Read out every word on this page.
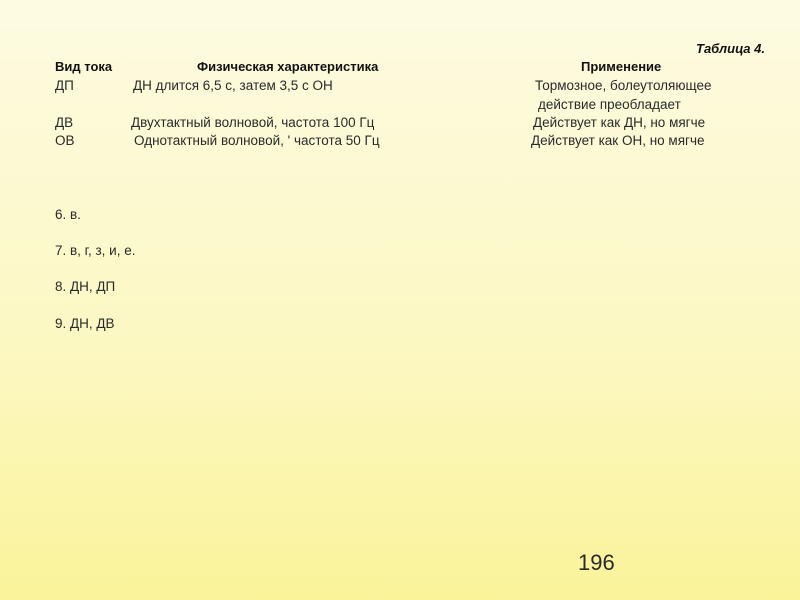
Таблица 4.
Вид тока	Физическая характеристика	Применение
ДП	ДН длится 6,5 с, затем 3,5 с ОН	Тормозное, болеутоляющее
действие преобладает
ДВ	Двухтактный волновой, частота 100 Гц	Действует как ДН, но мягче
ОВ	Однотактный волновой, ' частота 50 Гц	Действует как ОН, но мягче
6. в.
7. в, г, з, и, е.
8. ДН, ДП
9. ДН, ДВ
196
